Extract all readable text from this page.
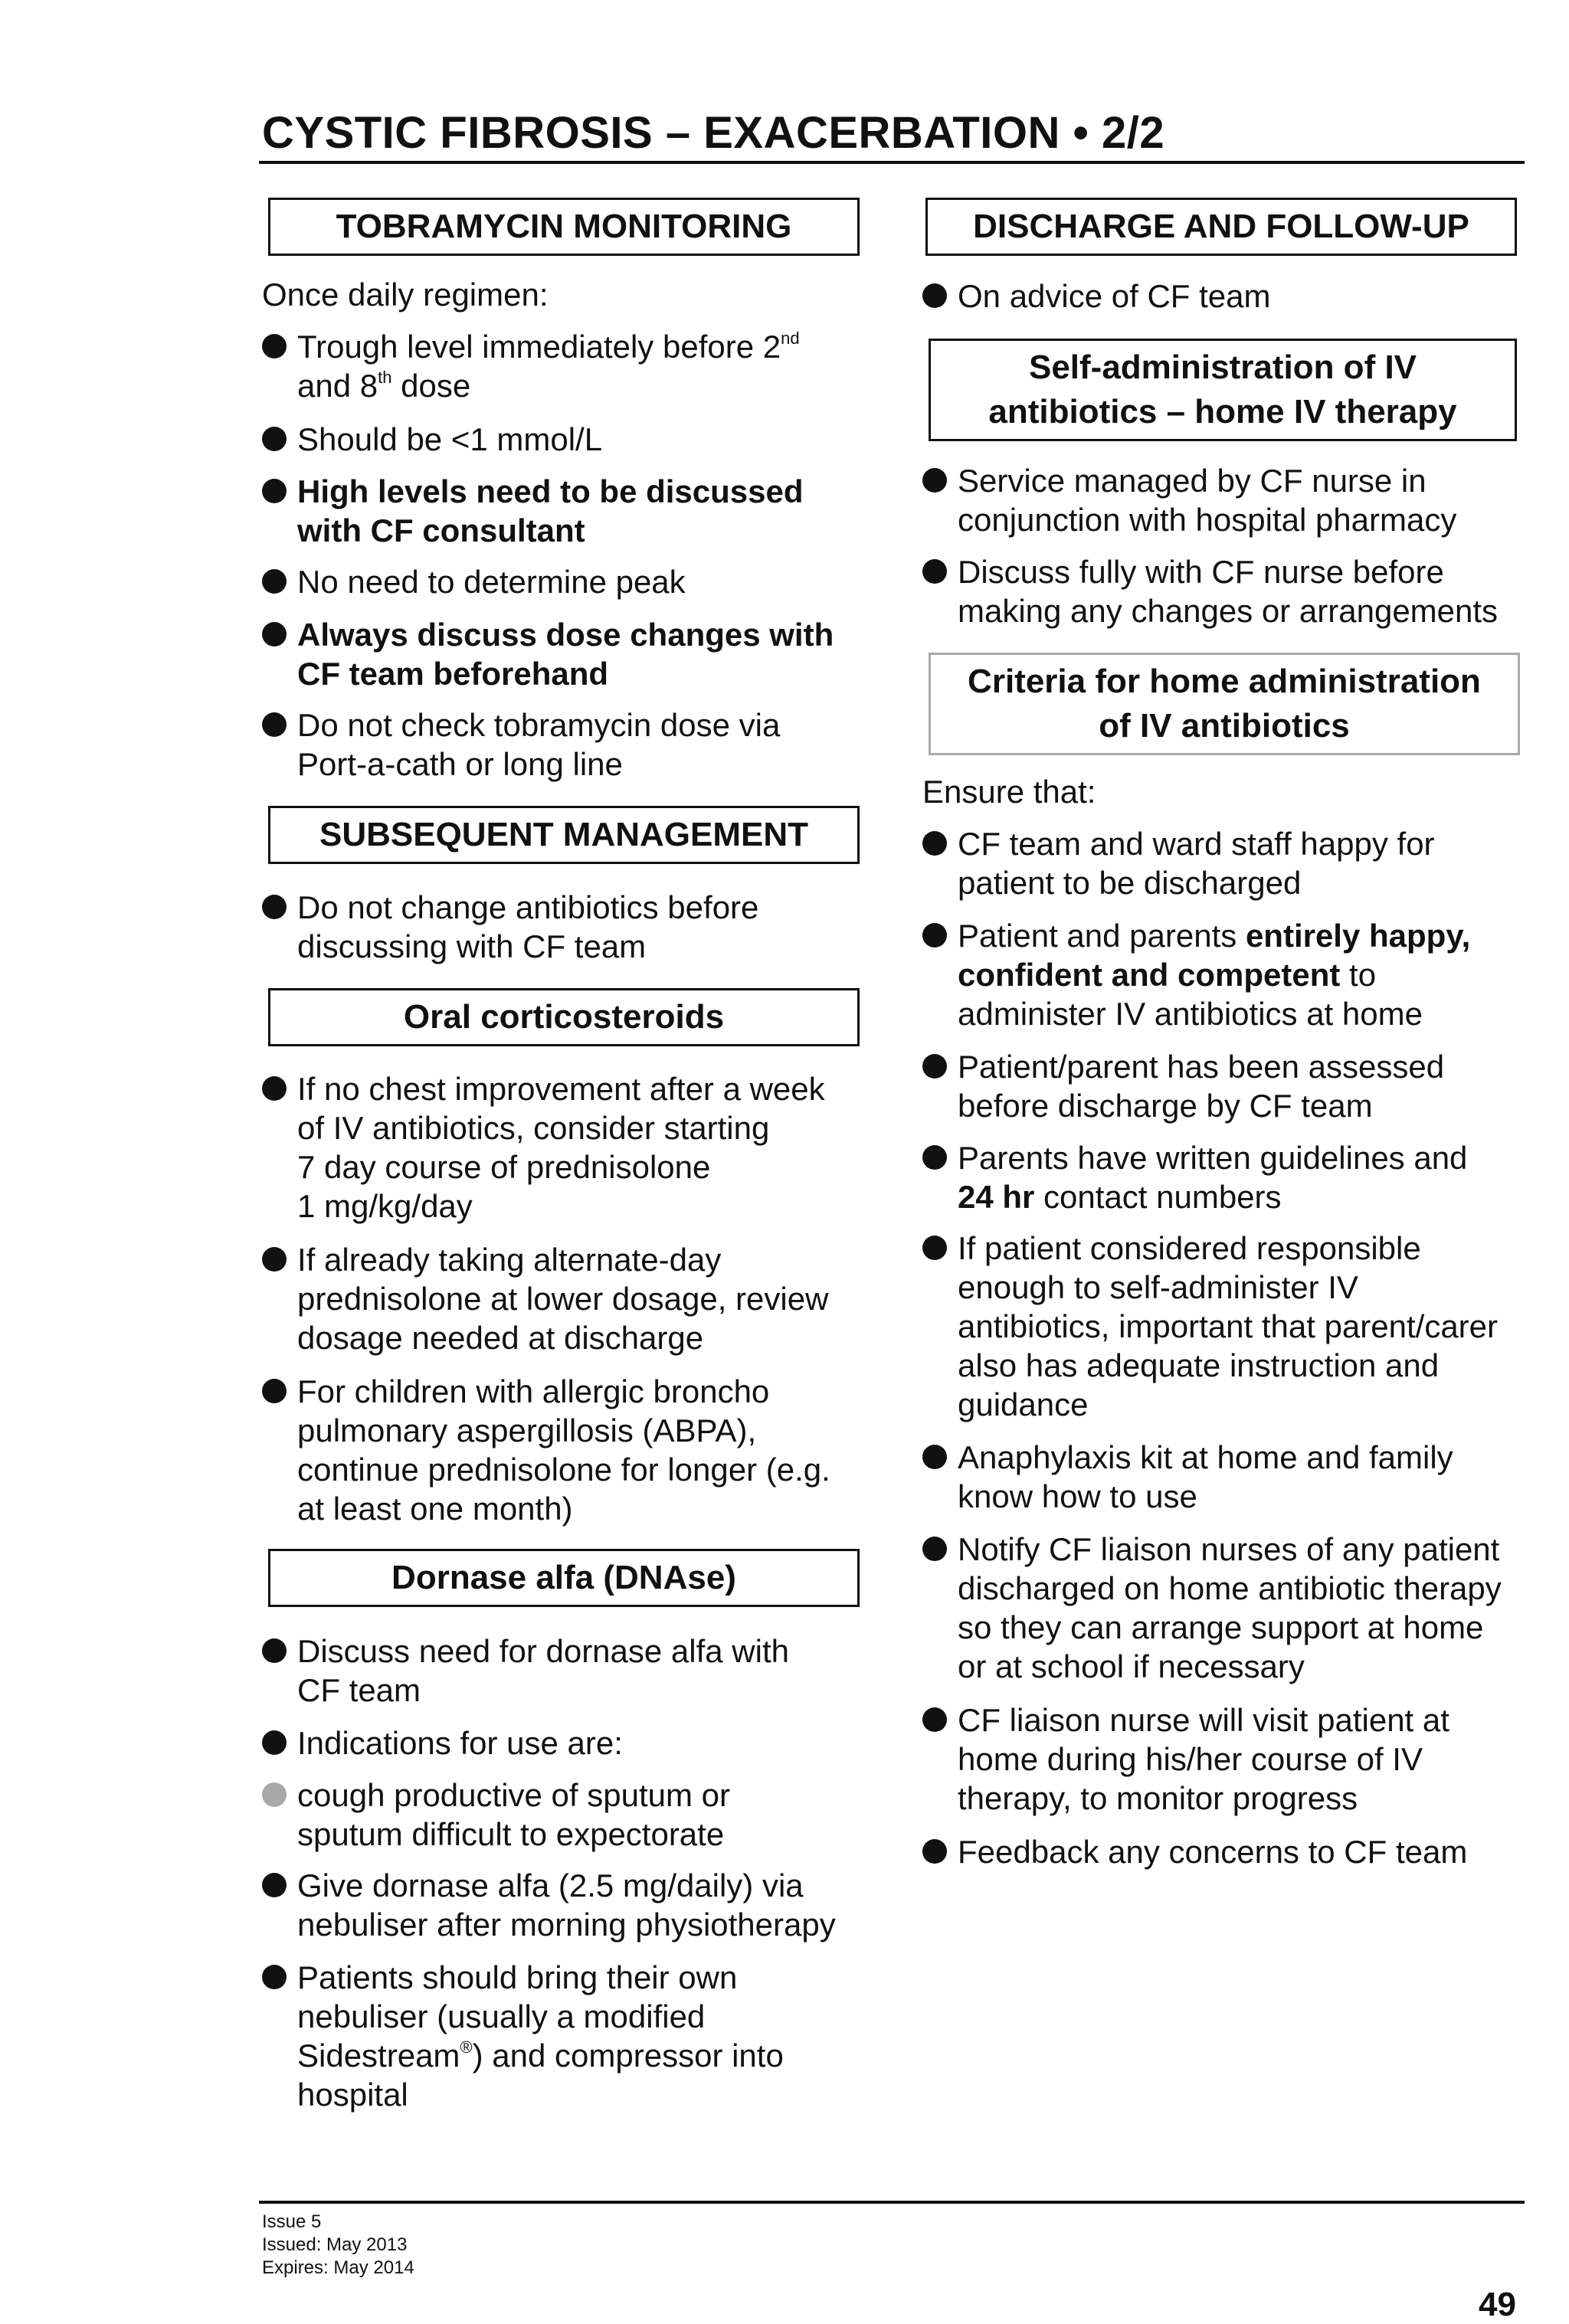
CYSTIC FIBROSIS – EXACERBATION • 2/2
TOBRAMYCIN MONITORING
Once daily regimen:
Trough level immediately before 2nd
and 8th dose
Should be <1 mmol/L
High levels need to be discussed
with CF consultant
No need to determine peak
Always discuss dose changes with
CF team beforehand
Do not check tobramycin dose via
Port-a-cath or long line
SUBSEQUENT MANAGEMENT
Do not change antibiotics before
discussing with CF team
Oral corticosteroids
If no chest improvement after a week
of IV antibiotics, consider starting
7 day course of prednisolone
1 mg/kg/day
If already taking alternate-day
prednisolone at lower dosage, review
dosage needed at discharge
For children with allergic broncho
pulmonary aspergillosis (ABPA),
continue prednisolone for longer (e.g.
at least one month)
Dornase alfa (DNAse)
Discuss need for dornase alfa with
CF team
Indications for use are:
cough productive of sputum or
sputum difficult to expectorate
Give dornase alfa (2.5 mg/daily) via
nebuliser after morning physiotherapy
Patients should bring their own
nebuliser (usually a modified
Sidestream®) and compressor into
hospital
DISCHARGE AND FOLLOW-UP
On advice of CF team
Self-administration of IV
antibiotics – home IV therapy
Service managed by CF nurse in
conjunction with hospital pharmacy
Discuss fully with CF nurse before
making any changes or arrangements
Criteria for home administration
of IV antibiotics
Ensure that:
CF team and ward staff happy for
patient to be discharged
Patient and parents entirely happy,
confident and competent to
administer IV antibiotics at home
Patient/parent has been assessed
before discharge by CF team
Parents have written guidelines and
24 hr contact numbers
If patient considered responsible
enough to self-administer IV
antibiotics, important that parent/carer
also has adequate instruction and
guidance
Anaphylaxis kit at home and family
know how to use
Notify CF liaison nurses of any patient
discharged on home antibiotic therapy
so they can arrange support at home
or at school if necessary
CF liaison nurse will visit patient at
home during his/her course of IV
therapy, to monitor progress
Feedback any concerns to CF team
Issue 5
Issued: May 2013
Expires: May 2014
49
